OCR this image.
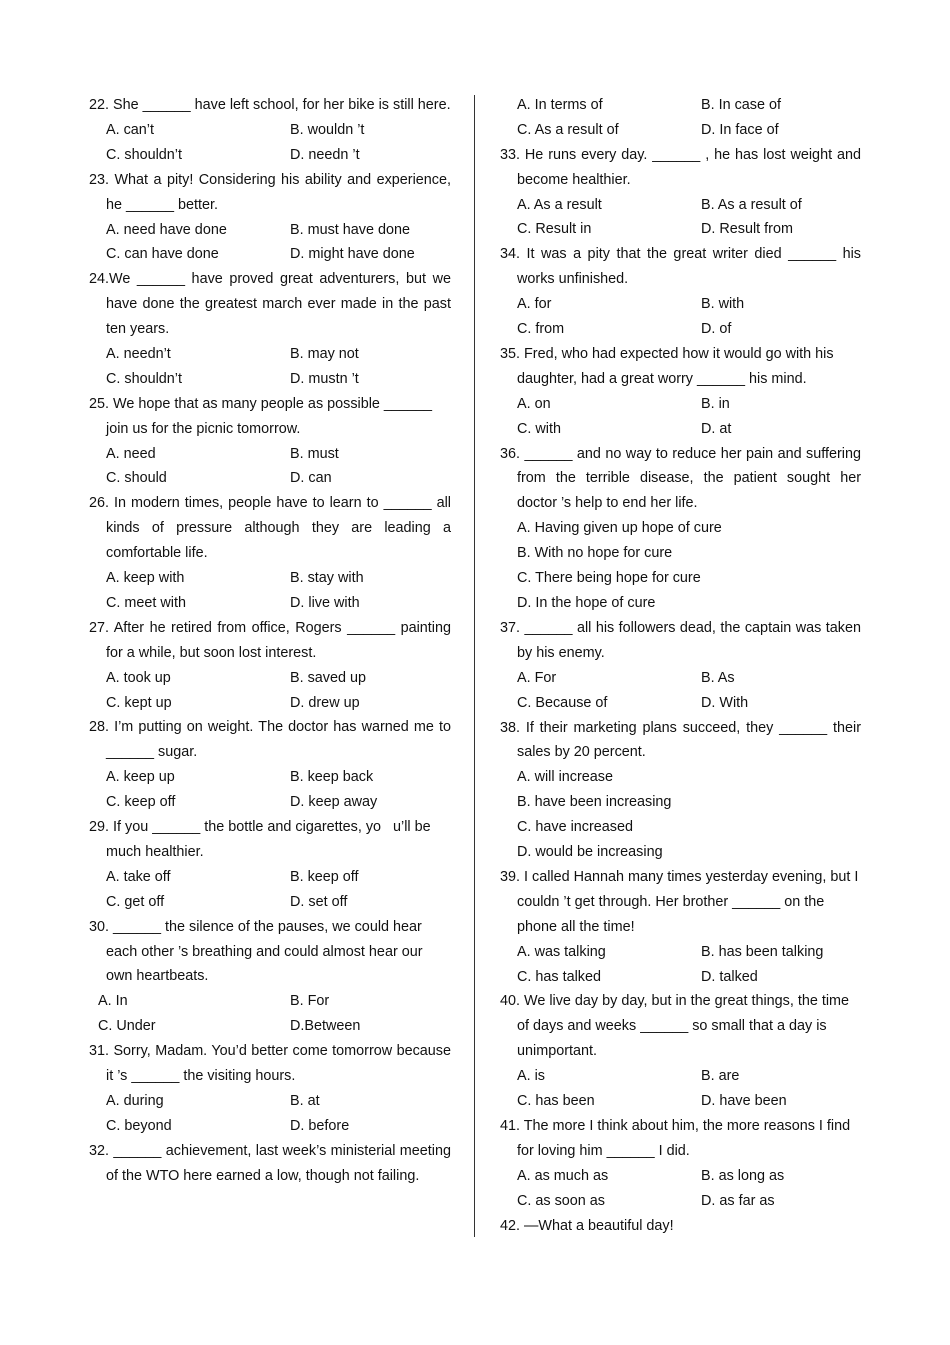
22. She ______ have left school, for her bike is still here.
A. can’t	B. wouldn ’t
C. shouldn’t	D. needn ’t
23. What a pity! Considering his ability and experience, he ______ better.
A. need have done	B. must have done
C. can have done	D. might have done
24.We ______ have proved great adventurers, but we have done the greatest march ever made in the past ten years.
A. needn’t	B. may not
C. shouldn’t	D. mustn ’t
25. We hope that as many people as possible ______ join us for the picnic tomorrow.
A. need	B. must
C. should	D. can
26. In modern times, people have to learn to ______ all kinds of pressure although they are leading a comfortable life.
A. keep with	B. stay with
C. meet with	D. live with
27. After he retired from office, Rogers ______ painting for a while, but soon lost interest.
A. took up	B. saved up
C. kept up	D. drew up
28. I’m putting on weight. The doctor has warned me to ______ sugar.
A. keep up	B. keep back
C. keep off	D. keep away
29. If you ______ the bottle and cigarettes, yo   u’ll be much healthier.
A. take off	B. keep off
C. get off	D. set off
30. ______ the silence of the pauses, we could hear each other ’s breathing and could almost hear our own heartbeats.
A. In	B. For
C. Under	D.Between
31. Sorry, Madam. You’d better come tomorrow because it ’s ______ the visiting hours.
A. during	B. at
C. beyond	D. before
32. ______ achievement, last week’s ministerial meeting of the WTO here earned a low, though not failing.
A. In terms of	B. In case of
C. As a result of	D. In face of
33. He runs every day. ______ , he has lost weight and become healthier.
A. As a result	B. As a result of
C. Result in	D. Result from
34. It was a pity that the great writer died ______ his works unfinished.
A. for	B. with
C. from	D. of
35. Fred, who had expected how it would go with his daughter, had a great worry ______ his mind.
A. on	B. in
C. with	D. at
36. ______ and no way to reduce her pain and suffering from the terrible disease, the patient sought her doctor ’s help to end her life.
A. Having given up hope of cure
B. With no hope for cure
C. There being hope for cure
D. In the hope of cure
37. ______ all his followers dead, the captain was taken by his enemy.
A. For	B. As
C. Because of	D. With
38. If their marketing plans succeed, they ______ their sales by 20 percent.
A. will increase
B. have been increasing
C. have increased
D. would be increasing
39. I called Hannah many times yesterday evening, but I couldn ’t get through. Her brother ______ on the phone all the time!
A. was talking	B. has been talking
C. has talked	D. talked
40. We live day by day, but in the great things, the time of days and weeks ______ so small that a day is unimportant.
A. is	B. are
C. has been	D. have been
41. The more I think about him, the more reasons I find for loving him ______ I did.
A. as much as	B. as long as
C. as soon as	D. as far as
42. —What a beautiful day!
